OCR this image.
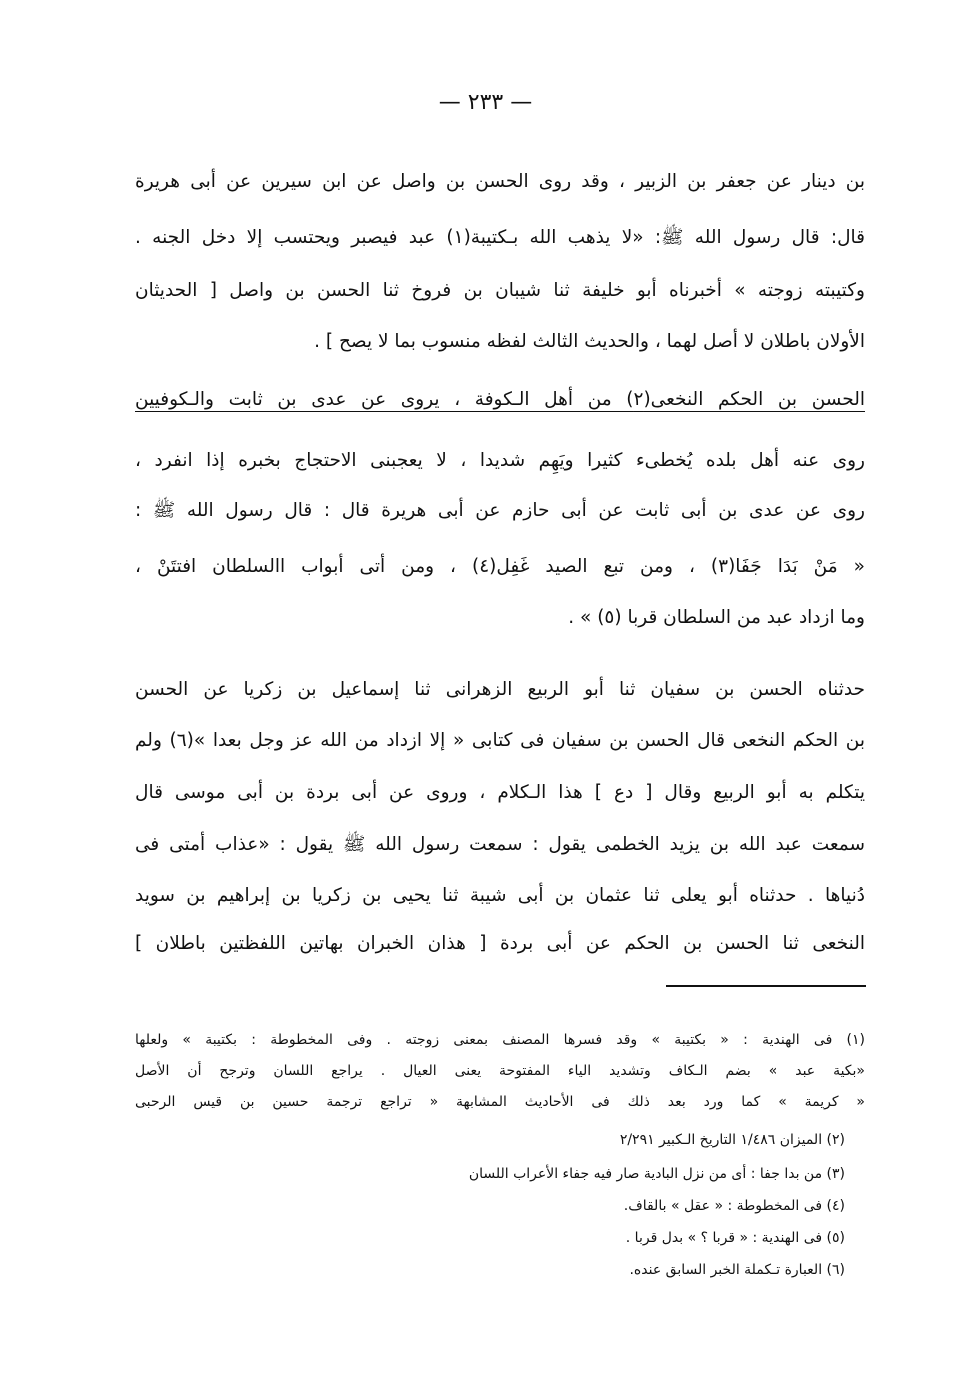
— ٢٣٣ —
بن دينار عن جعفر بن الزبير ، وقد روى الحسن بن واصل عن ابن سيرين عن أبى هريرة
قال: قال رسول الله ﷺ: «لا يذهب الله بـكتيبة(١) عبد فيصبر ويحتسب إلا دخل الجنه .
وكتيبته زوجته » أخبرناه أبو خليفة ثنا شيبان بن فروخ ثنا الحسن بن واصل [ الحديثان
الأولان باطلان لا أصل لهما ، والحديث الثالث لفظه منسوب بما لا يصح ] .
الحسن بن الحكم النخعى(٢) من أهل الـكوفة ، يروى عن عدى بن ثابت والـكوفيين
روى عنه أهل بلده يُخطىء كثيرا ويَهِم شديدا ، لا يعجبنى الاحتجاج بخبره إذا انفرد ،
روى عن عدى بن أبى ثابت عن أبى حازم عن أبى هريرة قال : قال رسول الله ﷺ :
« مَنْ بَدَا جَفَا(٣) ، ومن تبع الصيد غَفِل(٤) ، ومن أتى أبواب االسلطان افتتَنْ ،
وما ازداد عبد من السلطان قربا (٥) » .
حدثناه الحسن بن سفيان ثنا أبو الربيع الزهرانى ثنا إسماعيل بن زكريا عن الحسن
بن الحكم النخعى قال الحسن بن سفيان فى كتابى « إلا ازداد من الله عز وجل بعدا »(٦) ولم
يتكلم به أبو الربيع وقال [ دع ] هذا الـكلام ، وروى عن أبى بردة بن أبى موسى قال
سمعت عبد الله بن يزيد الخطمى يقول : سمعت رسول الله ﷺ يقول : «عذاب أمتى فى
دُنياها . حدثناه أبو يعلى ثنا عثمان بن أبى شيبة ثنا يحيى بن زكريا بن إبراهيم بن سويد
النخعى ثنا الحسن بن الحكم عن أبى بردة [ هذان الخبران بهاتين اللفظتين باطلان ]
(١) فى الهندية : « بكتيبة » وقد فسرها المصنف بمعنى زوجته . وفى المخطوطة : بكتيبة » ولعلها
«بكية عبد » بضم الـكاف وتشديد الياء المفتوحة يعنى العيال . يراجع اللسان وترجح أن الأصل
« كريمة » كما ورد بعد ذلك فى الأحاديث المشابهة « تراجع ترجمة حسين بن قيس الرحبى
(٢) الميزان ١/٤٨٦ التاريخ الـكبير ٢/٢٩١
(٣) من بدا جفا : أى من نزل البادية صار فيه جفاء الأعراب اللسان
(٤) فى المخطوطة : « عقل » بالقاف.
(٥) فى الهندية : « قربا ؟ » بدل قربا .
(٦) العبارة تـكملة الخبر السابق عنده.
